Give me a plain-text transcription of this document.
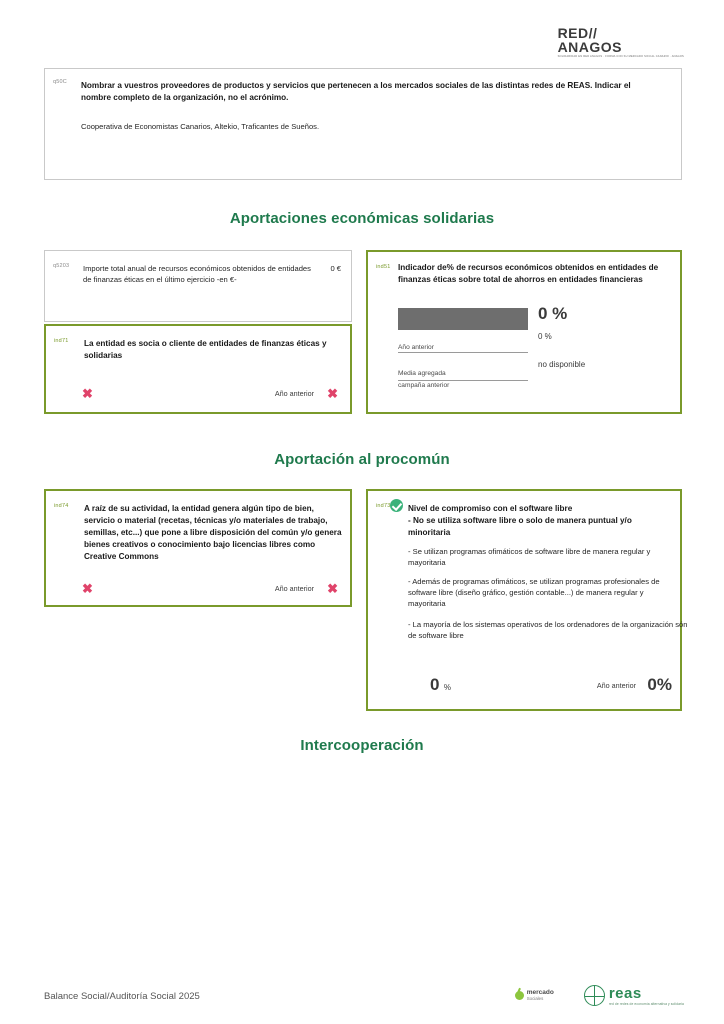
RED//
ANAGOS
SOLIDARIDAD EN RED ANAGOS · FORMA CON SU MERCADO SOCIAL CANARIO · ANAGOS
q50C Nombrar a vuestros proveedores de productos y servicios que pertenecen a los mercados sociales de las distintas redes de REAS. Indicar el nombre completo de la organización, no el acrónimo.
Cooperativa de Economistas Canarios, Altekio, Traficantes de Sueños.
Aportaciones económicas solidarias
q5203 Importe total anual de recursos económicos obtenidos de entidades de finanzas éticas en el último ejercicio -en €-
0 €
ind71 La entidad es socia o cliente de entidades de finanzas éticas y solidarias
✖	Año anterior ✖
ind51 Indicador de% de recursos económicos obtenidos en entidades de finanzas éticas sobre total de ahorros en entidades financieras
0 %
0 %
Año anterior
Media agregada
campaña anterior
no disponible
Aportación al procomún
ind74 A raíz de su actividad, la entidad genera algún tipo de bien, servicio o material (recetas, técnicas y/o materiales de trabajo, semillas, etc...) que pone a libre disposición del común y/o genera bienes creativos o conocimiento bajo licencias libres como Creative Commons
✖	Año anterior ✖
ind73 Nivel de compromiso con el software libre
- No se utiliza software libre o solo de manera puntual y/o minoritaria
- Se utilizan programas ofimáticos de software libre de manera regular y mayoritaria
- Además de programas ofimáticos, se utilizan programas profesionales de software libre (diseño gráfico, gestión contable...) de manera regular y mayoritaria
- La mayoría de los sistemas operativos de los ordenadores de la organización són de software libre
0 %	Año anterior 0%
Intercooperación
Balance Social/Auditoría Social 2025	mercado
Sociales	reas
red de redes de economía alternativa y solidaria
